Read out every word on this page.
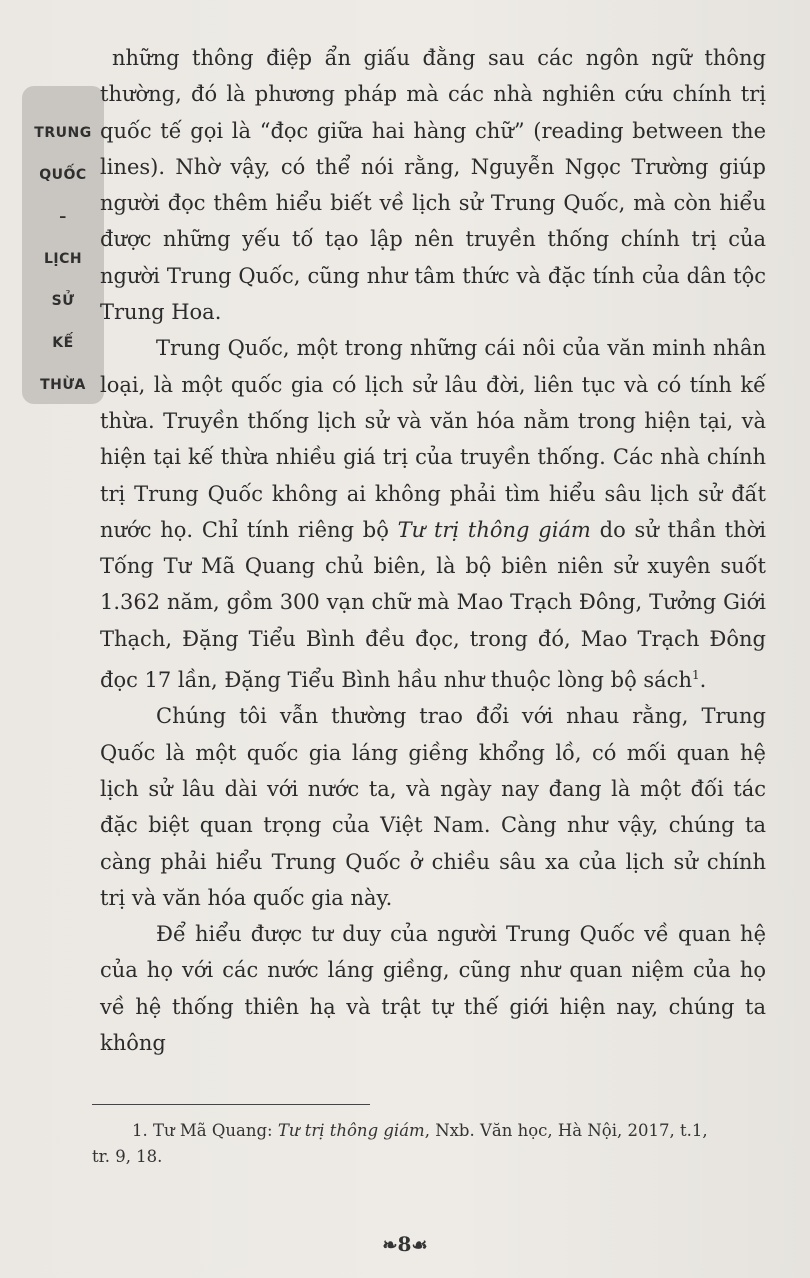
TRUNG
QUỐC
–
LỊCH
SỬ
KẾ
THỪA

những thông điệp ẩn giấu đằng sau các ngôn ngữ thông thường, đó là phương pháp mà các nhà nghiên cứu chính trị quốc tế gọi là “đọc giữa hai hàng chữ” (reading between the lines). Nhờ vậy, có thể nói rằng, Nguyễn Ngọc Trường giúp người đọc thêm hiểu biết về lịch sử Trung Quốc, mà còn hiểu được những yếu tố tạo lập nên truyền thống chính trị của người Trung Quốc, cũng như tâm thức và đặc tính của dân tộc Trung Hoa.

Trung Quốc, một trong những cái nôi của văn minh nhân loại, là một quốc gia có lịch sử lâu đời, liên tục và có tính kế thừa. Truyền thống lịch sử và văn hóa nằm trong hiện tại, và hiện tại kế thừa nhiều giá trị của truyền thống. Các nhà chính trị Trung Quốc không ai không phải tìm hiểu sâu lịch sử đất nước họ. Chỉ tính riêng bộ Tư trị thông giám do sử thần thời Tống Tư Mã Quang chủ biên, là bộ biên niên sử xuyên suốt 1.362 năm, gồm 300 vạn chữ mà Mao Trạch Đông, Tưởng Giới Thạch, Đặng Tiểu Bình đều đọc, trong đó, Mao Trạch Đông đọc 17 lần, Đặng Tiểu Bình hầu như thuộc lòng bộ sách$^1$.

Chúng tôi vẫn thường trao đổi với nhau rằng, Trung Quốc là một quốc gia láng giềng khổng lồ, có mối quan hệ lịch sử lâu dài với nước ta, và ngày nay đang là một đối tác đặc biệt quan trọng của Việt Nam. Càng như vậy, chúng ta càng phải hiểu Trung Quốc ở chiều sâu xa của lịch sử chính trị và văn hóa quốc gia này.

Để hiểu được tư duy của người Trung Quốc về quan hệ của họ với các nước láng giềng, cũng như quan niệm của họ về hệ thống thiên hạ và trật tự thế giới hiện nay, chúng ta không

1. Tư Mã Quang: Tư trị thông giám, Nxb. Văn học, Hà Nội, 2017, t.1,
tr. 9, 18.
❧8☙
